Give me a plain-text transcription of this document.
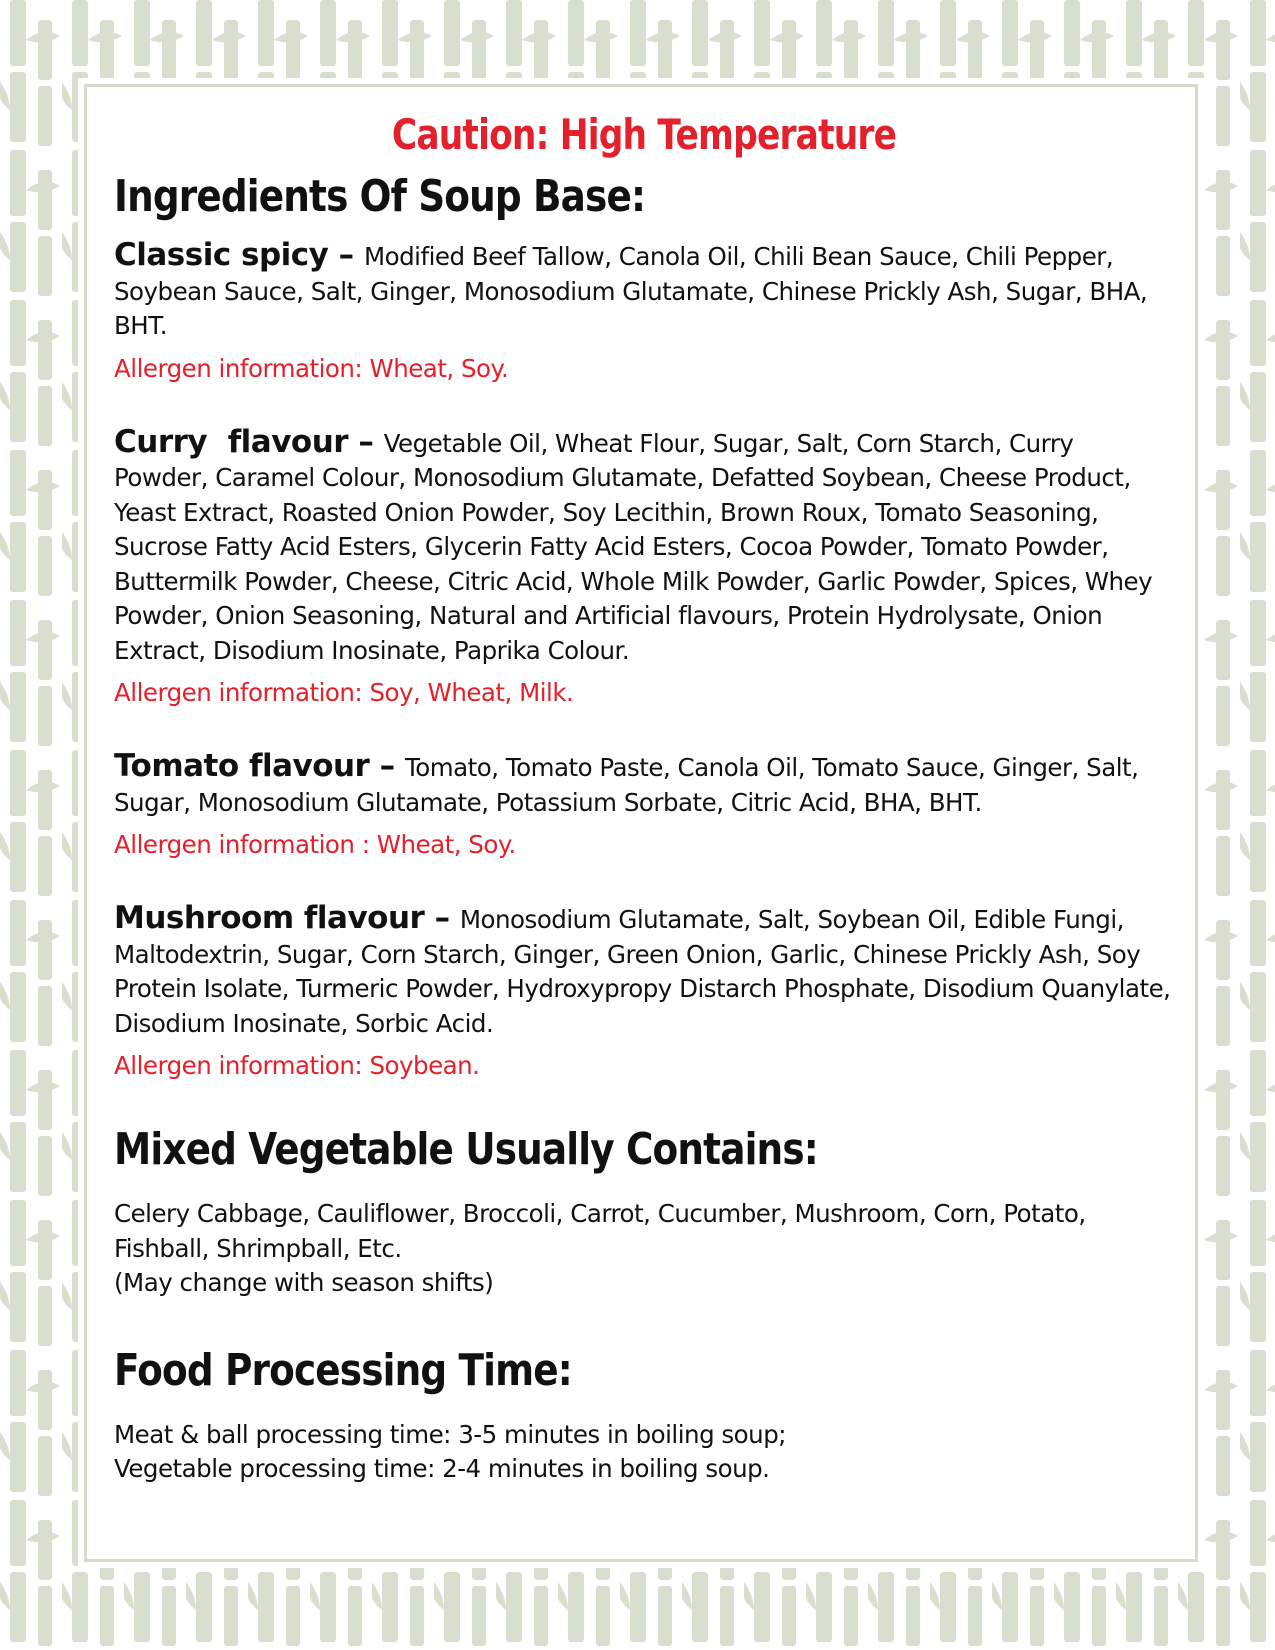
Caution: High Temperature
Ingredients Of Soup Base:

Classic spicy – Modified Beef Tallow, Canola Oil, Chili Bean Sauce, Chili Pepper, Soybean Sauce, Salt, Ginger, Monosodium Glutamate, Chinese Prickly Ash, Sugar, BHA, BHT.

Allergen information: Wheat, Soy.

Curry  flavour – Vegetable Oil, Wheat Flour, Sugar, Salt, Corn Starch, Curry Powder, Caramel Colour, Monosodium Glutamate, Defatted Soybean, Cheese Product, Yeast Extract, Roasted Onion Powder, Soy Lecithin, Brown Roux, Tomato Seasoning, Sucrose Fatty Acid Esters, Glycerin Fatty Acid Esters, Cocoa Powder, Tomato Powder, Buttermilk Powder, Cheese, Citric Acid, Whole Milk Powder, Garlic Powder, Spices, Whey Powder, Onion Seasoning, Natural and Artificial flavours, Protein Hydrolysate, Onion Extract, Disodium Inosinate, Paprika Colour.

Allergen information: Soy, Wheat, Milk.

Tomato flavour – Tomato, Tomato Paste, Canola Oil, Tomato Sauce, Ginger, Salt, Sugar, Monosodium Glutamate, Potassium Sorbate, Citric Acid, BHA, BHT.

Allergen information : Wheat, Soy.

Mushroom flavour – Monosodium Glutamate, Salt, Soybean Oil, Edible Fungi, Maltodextrin, Sugar, Corn Starch, Ginger, Green Onion, Garlic, Chinese Prickly Ash, Soy Protein Isolate, Turmeric Powder, Hydroxypropy Distarch Phosphate, Disodium Quanylate, Disodium Inosinate, Sorbic Acid.

Allergen information: Soybean.

Mixed Vegetable Usually Contains:

Celery Cabbage, Cauliflower, Broccoli, Carrot, Cucumber, Mushroom, Corn, Potato, Fishball, Shrimpball, Etc.

(May change with season shifts)

Food Processing Time:

Meat & ball processing time: 3-5 minutes in boiling soup;

Vegetable processing time: 2-4 minutes in boiling soup.
